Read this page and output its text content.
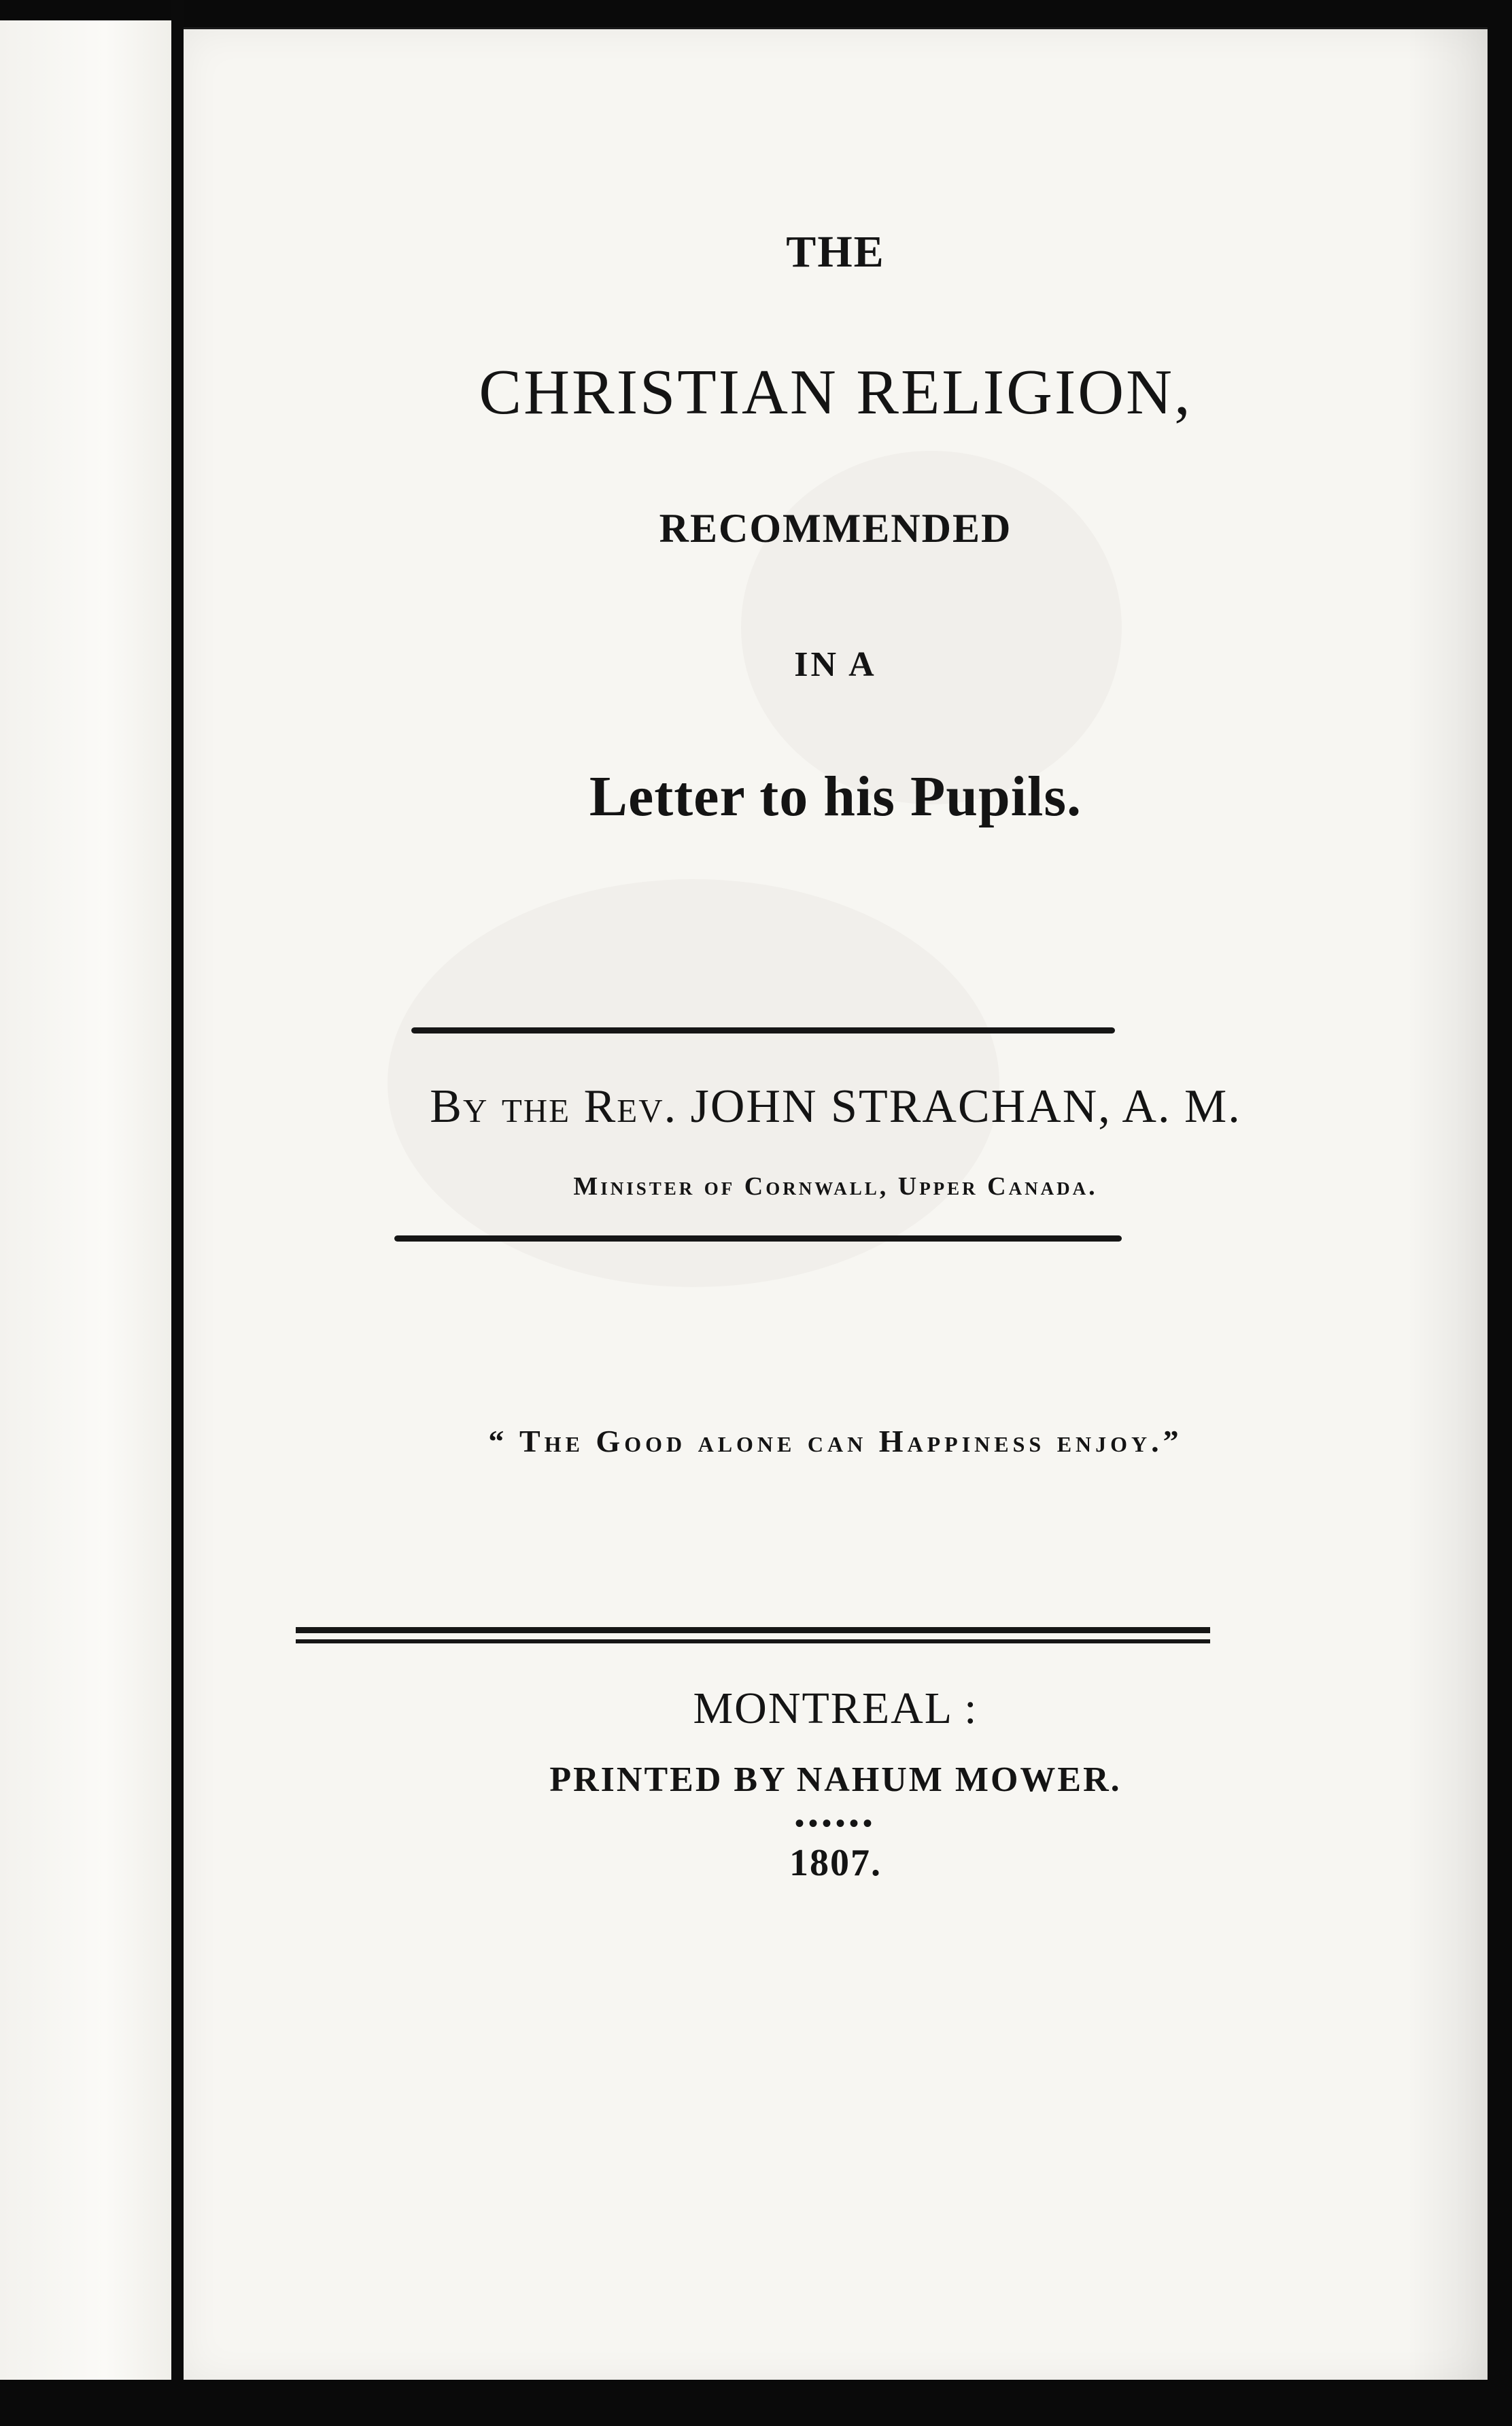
THE
CHRISTIAN RELIGION,
RECOMMENDED
IN A
Letter to his Pupils.
By the Rev. JOHN STRACHAN, A. M.
Minister of Cornwall, Upper Canada.
“ The Good alone can Happiness enjoy.”
MONTREAL :
PRINTED BY NAHUM MOWER.
••••••
1807.
